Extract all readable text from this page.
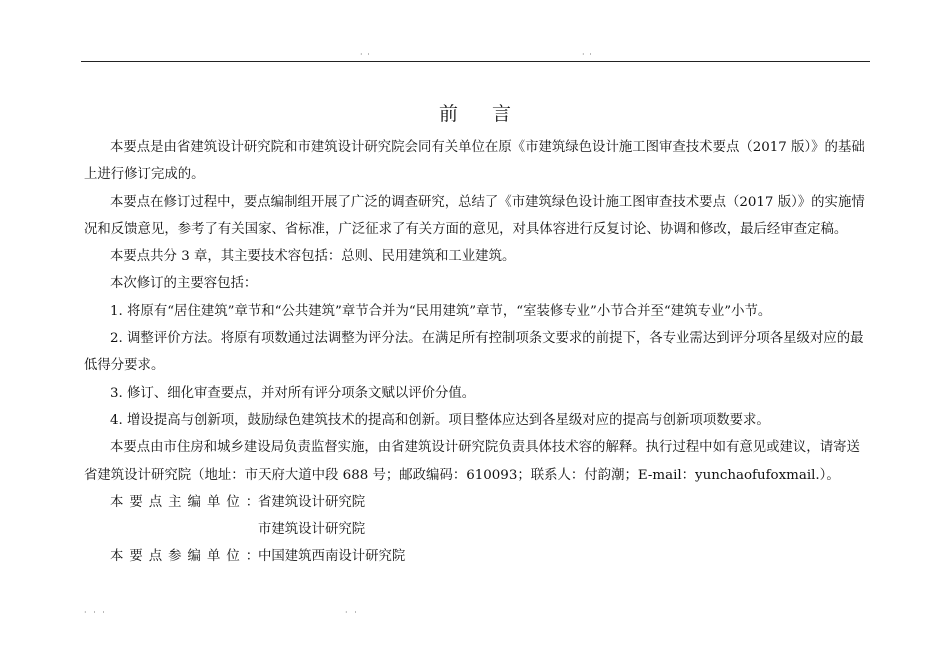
· ·	· ·
前言

本要点是由省建筑设计研究院和市建筑设计研究院会同有关单位在原《市建筑绿色设计施工图审查技术要点（2017 版）》的基础上进行修订完成的。

本要点在修订过程中，要点编制组开展了广泛的调查研究，总结了《市建筑绿色设计施工图审查技术要点（2017 版）》的实施情况和反馈意见，参考了有关国家、省标准，广泛征求了有关方面的意见，对具体容进行反复讨论、协调和修改，最后经审查定稿。

本要点共分 3 章，其主要技术容包括：总则、民用建筑和工业建筑。

本次修订的主要容包括：

1. 将原有“居住建筑”章节和“公共建筑”章节合并为“民用建筑”章节，“室装修专业”小节合并至“建筑专业”小节。

2. 调整评价方法。将原有项数通过法调整为评分法。在满足所有控制项条文要求的前提下，各专业需达到评分项各星级对应的最低得分要求。

3. 修订、细化审查要点，并对所有评分项条文赋以评价分值。

4. 增设提高与创新项，鼓励绿色建筑技术的提高和创新。项目整体应达到各星级对应的提高与创新项项数要求。

本要点由市住房和城乡建设局负责监督实施，由省建筑设计研究院负责具体技术容的解释。执行过程中如有意见或建议，请寄送省建筑设计研究院（地址：市天府大道中段 688 号；邮政编码：610093；联系人：付韵潮；E-mail：yunchaofufoxmail.）。

本要点主编单位：省建筑设计研究院

市建筑设计研究院

本要点参编单位：中国建筑西南设计研究院

· · ·	· ·
